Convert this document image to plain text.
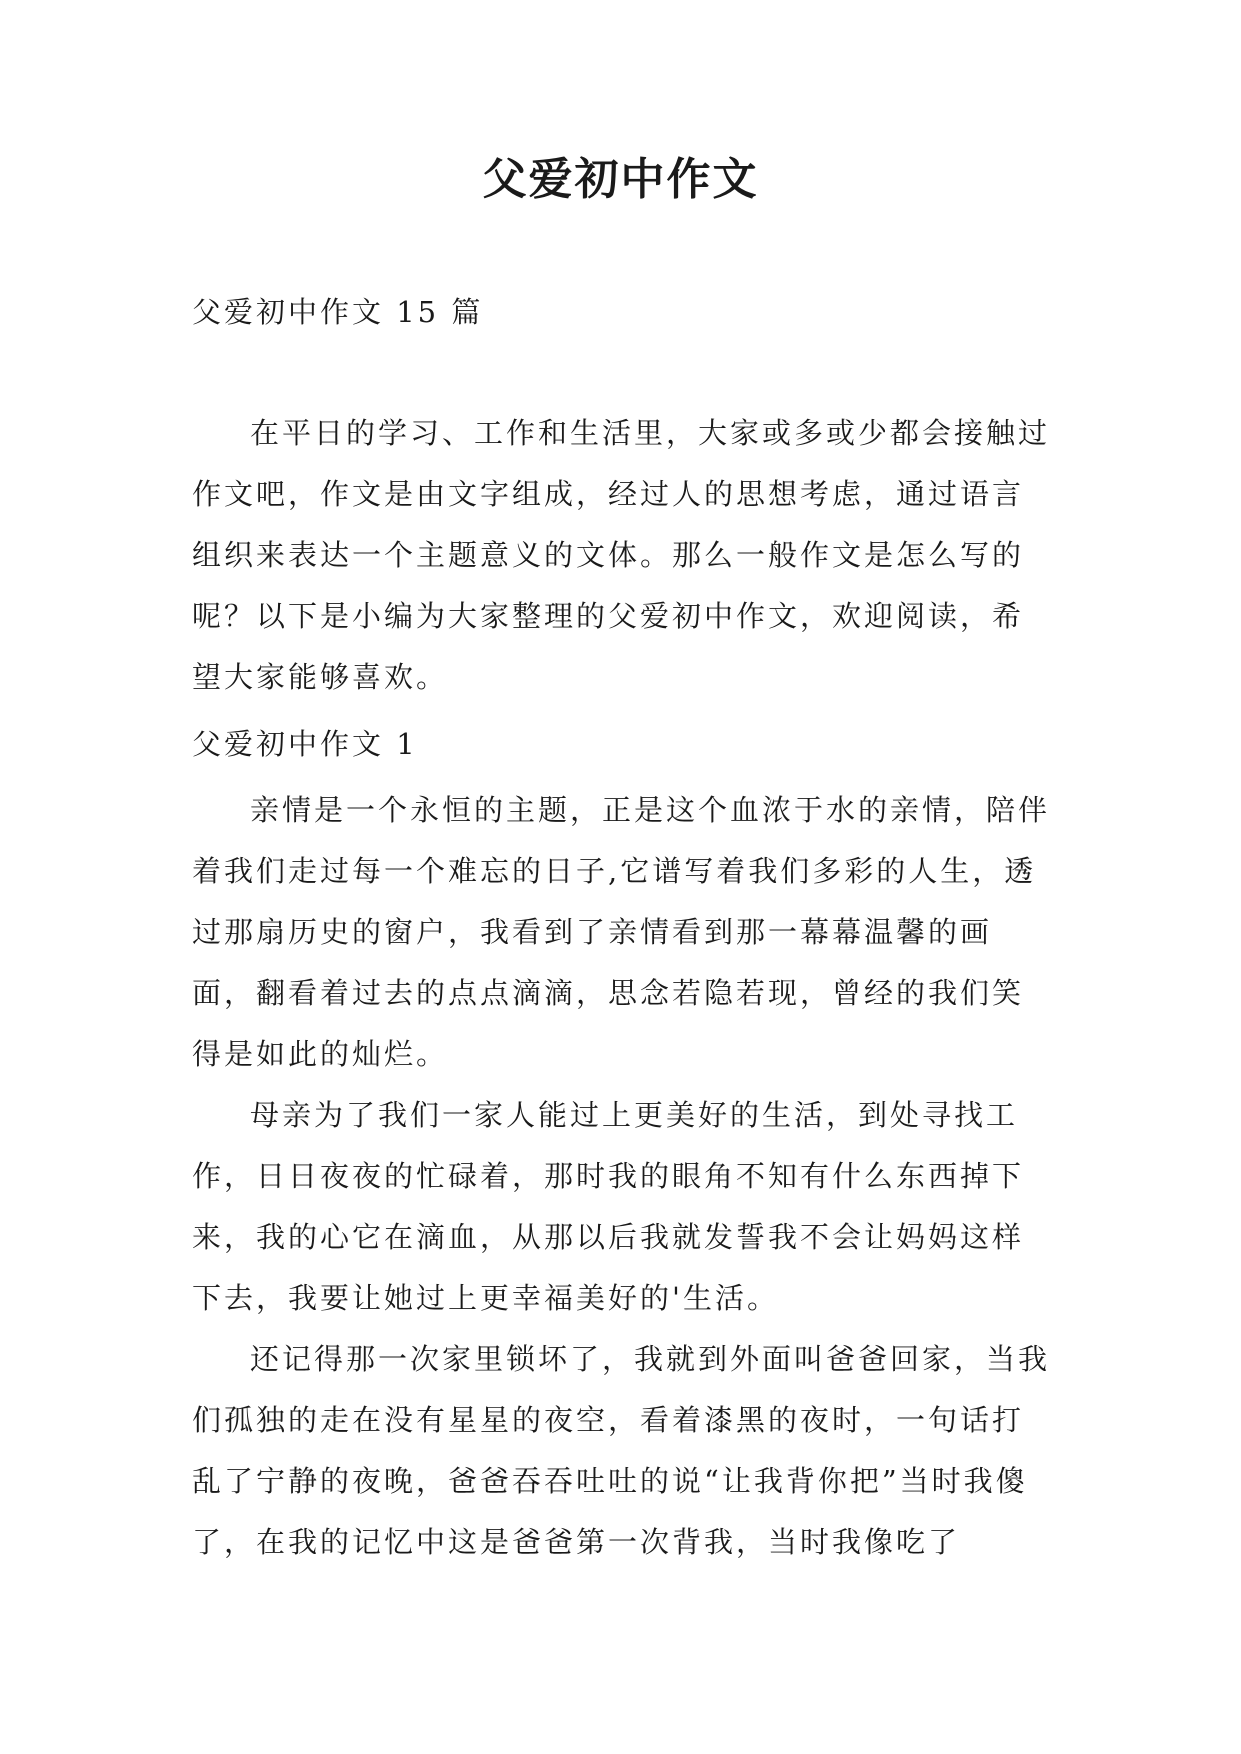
父爱初中作文

父爱初中作文 15 篇

在平日的学习、工作和生活里，大家或多或少都会接触过作文吧，作文是由文字组成，经过人的思想考虑，通过语言组织来表达一个主题意义的文体。那么一般作文是怎么写的呢？以下是小编为大家整理的父爱初中作文，欢迎阅读，希望大家能够喜欢。

父爱初中作文 1

亲情是一个永恒的主题，正是这个血浓于水的亲情，陪伴着我们走过每一个难忘的日子,它谱写着我们多彩的人生，透过那扇历史的窗户，我看到了亲情看到那一幕幕温馨的画面，翻看着过去的点点滴滴，思念若隐若现，曾经的我们笑得是如此的灿烂。

母亲为了我们一家人能过上更美好的生活，到处寻找工作，日日夜夜的忙碌着，那时我的眼角不知有什么东西掉下来，我的心它在滴血，从那以后我就发誓我不会让妈妈这样下去，我要让她过上更幸福美好的'生活。

还记得那一次家里锁坏了，我就到外面叫爸爸回家，当我们孤独的走在没有星星的夜空，看着漆黑的夜时，一句话打乱了宁静的夜晚，爸爸吞吞吐吐的说“让我背你把”当时我傻了，在我的记忆中这是爸爸第一次背我，当时我像吃了
